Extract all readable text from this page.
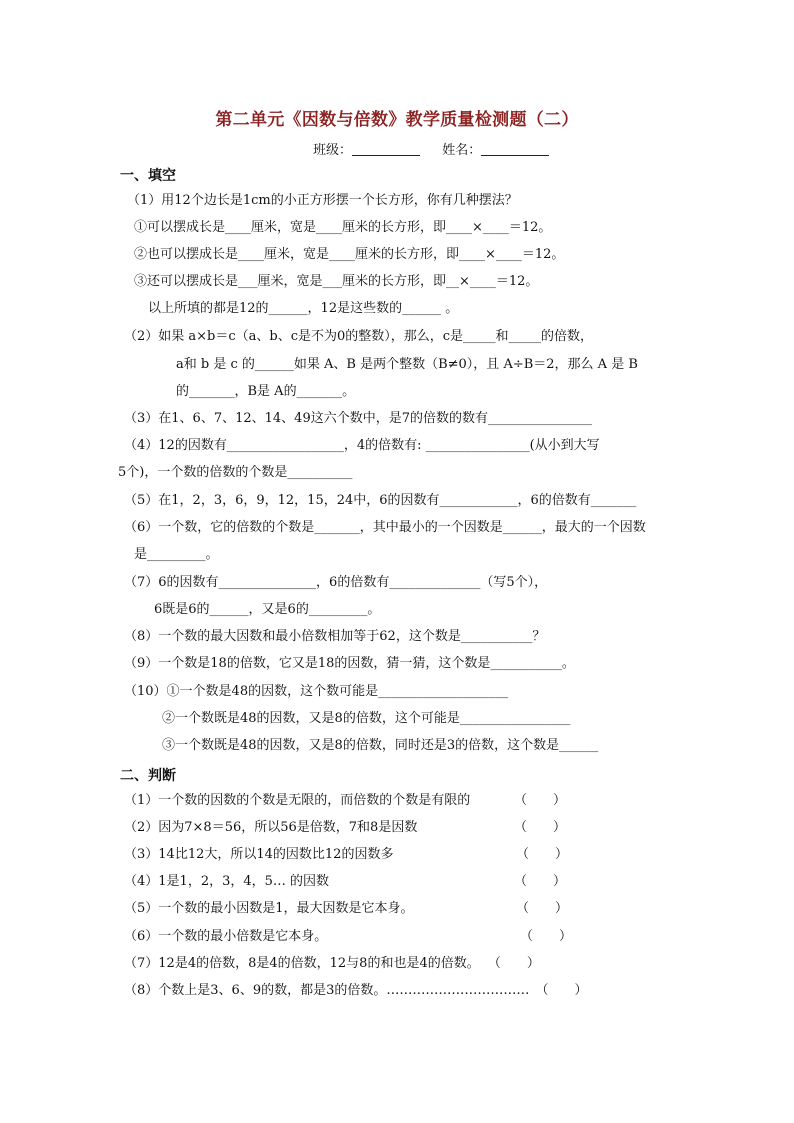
第二单元《因数与倍数》教学质量检测题（二）
班级：	姓名：
一、填空
（1）用12个边长是1cm的小正方形摆一个长方形，你有几种摆法？
①可以摆成长是____厘米，宽是____厘米的长方形，即____×____＝12。
②也可以摆成长是____厘米，宽是____厘米的长方形，即____×____＝12。
③还可以摆成长是___厘米，宽是___厘米的长方形，即__×____＝12。
以上所填的都是12的______，12是这些数的______ 。
（2）如果 a×b＝c（a、b、c是不为0的整数），那么，c是_____和_____的倍数，
a和 b 是 c 的______如果 A、B 是两个整数（B≠0），且 A÷B＝2，那么 A 是 B
的_______，B是 A的_______。
（3）在1、6、7、12、14、49这六个数中，是7的倍数的数有________________
（4）12的因数有__________________，4的倍数有: ________________(从小到大写
5个)，一个数的倍数的个数是__________
（5）在1，2，3，6，9，12，15，24中，6的因数有____________，6的倍数有_______
（6）一个数，它的倍数的个数是_______，其中最小的一个因数是______，最大的一个因数
是_________。
（7）6的因数有_______________，6的倍数有______________（写5个），
6既是6的______，又是6的_________。
（8）一个数的最大因数和最小倍数相加等于62，这个数是___________？
（9）一个数是18的倍数，它又是18的因数，猜一猜，这个数是___________。
（10）①一个数是48的因数，这个数可能是____________________
②一个数既是48的因数，又是8的倍数，这个可能是_________________
③一个数既是48的因数，又是8的倍数，同时还是3的倍数，这个数是______
二、判断
（1）一个数的因数的个数是无限的，而倍数的个数是有限的	（　　）
（2）因为7×8＝56，所以56是倍数，7和8是因数	（　　）
（3）14比12大，所以14的因数比12的因数多	（　　）
（4）1是1，2，3，4，5… 的因数	（　　）
（5）一个数的最小因数是1，最大因数是它本身。	（　　）
（6）一个数的最小倍数是它本身。	（　　）
（7）12是4的倍数，8是4的倍数，12与8的和也是4的倍数。 （　　）
（8）个数上是3、6、9的数，都是3的倍数。…………………………… （　　）
